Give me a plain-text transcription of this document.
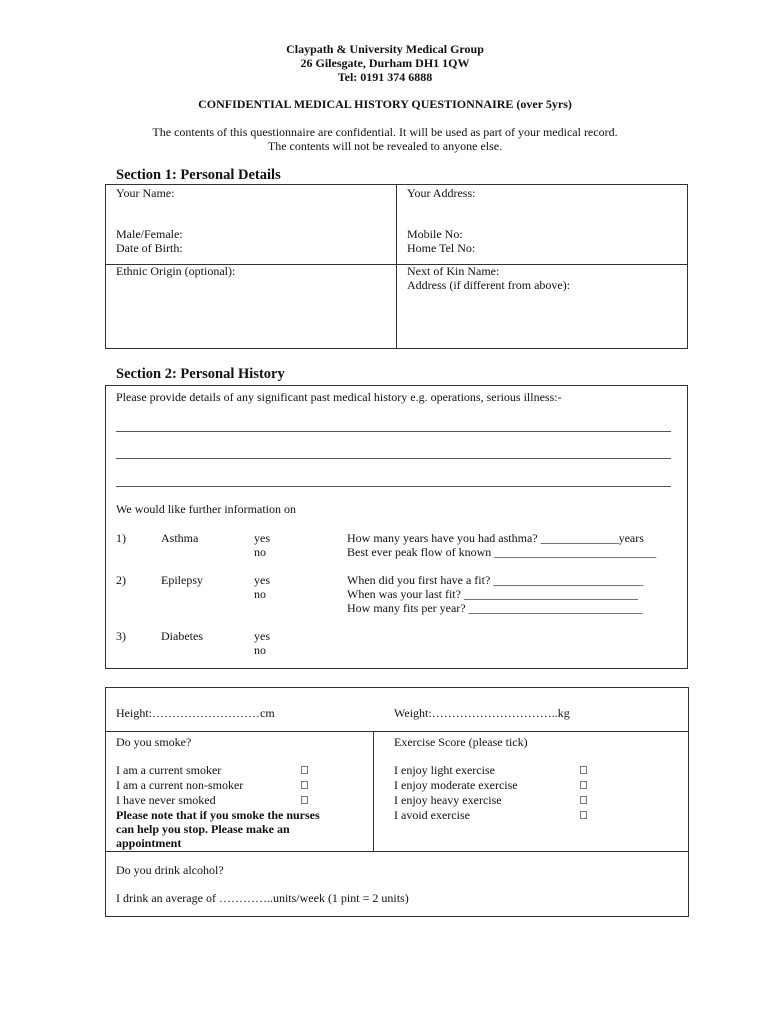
Claypath & University Medical Group
26 Gilesgate, Durham DH1 1QW
Tel: 0191 374 6888
CONFIDENTIAL MEDICAL HISTORY QUESTIONNAIRE (over 5yrs)
The contents of this questionnaire are confidential. It will be used as part of your medical record.
The contents will not be revealed to anyone else.
Section 1: Personal Details
Your Name:	Your Address:
Male/Female:
Date of Birth:
Mobile No:
Home Tel No:
Ethnic Origin (optional):	Next of Kin Name:
Address (if different from above):
Section 2: Personal History
Please provide details of any significant past medical history e.g. operations, serious illness:-
We would like further information on
1)	Asthma	yes
no
How many years have you had asthma? _____________years
Best ever peak flow of known ___________________________
2)	Epilepsy	yes
no
When did you first have a fit? _________________________
When was your last fit? _____________________________
How many fits per year? _____________________________
3)	Diabetes	yes
no
Height:………………………cm	Weight:…………………………..kg
Do you smoke?
I am a current smoker
I am a current non-smoker
I have never smoked
Please note that if you smoke the nurses
can help you stop. Please make an
appointment
Exercise Score (please tick)
I enjoy light exercise
I enjoy moderate exercise
I enjoy heavy exercise
I avoid exercise
Do you drink alcohol?
I drink an average of …………..units/week (1 pint = 2 units)
